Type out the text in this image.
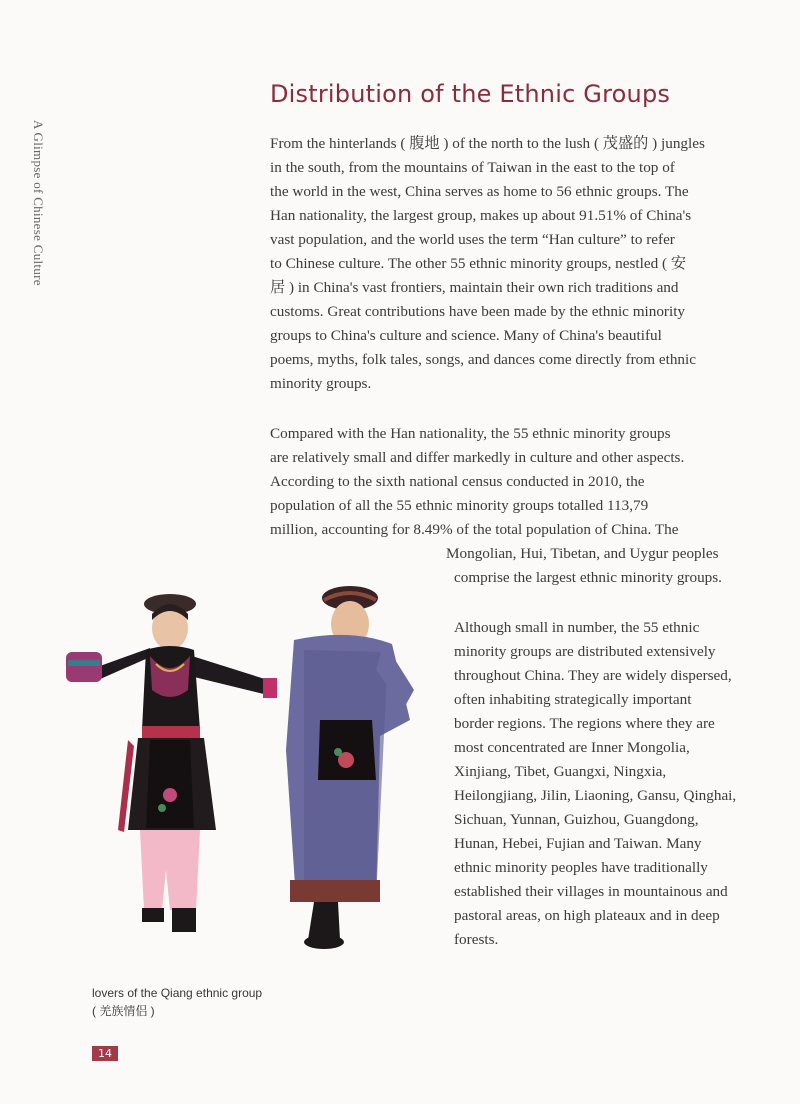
A Glimpse of Chinese Culture
Distribution of the Ethnic Groups
From the hinterlands ( 腹地 ) of the north to the lush ( 茂盛的 ) jungles
in the south, from the mountains of Taiwan in the east to the top of
the world in the west, China serves as home to 56 ethnic groups. The
Han nationality, the largest group, makes up about 91.51% of China's
vast population, and the world uses the term “Han culture” to refer
to Chinese culture. The other 55 ethnic minority groups, nestled ( 安
居 ) in China's vast frontiers, maintain their own rich traditions and
customs. Great contributions have been made by the ethnic minority
groups to China's culture and science. Many of China's beautiful
poems, myths, folk tales, songs, and dances come directly from ethnic
minority groups.
Compared with the Han nationality, the 55 ethnic minority groups
are relatively small and differ markedly in culture and other aspects.
According to the sixth national census conducted in 2010, the
population of all the 55 ethnic minority groups totalled 113,79
million, accounting for 8.49% of the total population of China. The
Mongolian, Hui, Tibetan, and Uygur peoples
comprise the largest ethnic minority groups.
Although small in number, the 55 ethnic
minority groups are distributed extensively
throughout China. They are widely dispersed,
often inhabiting strategically important
border regions. The regions where they are
most concentrated are Inner Mongolia,
Xinjiang, Tibet, Guangxi, Ningxia,
Heilongjiang, Jilin, Liaoning, Gansu, Qinghai,
Sichuan, Yunnan, Guizhou, Guangdong,
Hunan, Hebei, Fujian and Taiwan. Many
ethnic minority peoples have traditionally
established their villages in mountainous and
pastoral areas, on high plateaux and in deep
forests.
lovers of the Qiang ethnic group
( 羌族情侣 )
14
